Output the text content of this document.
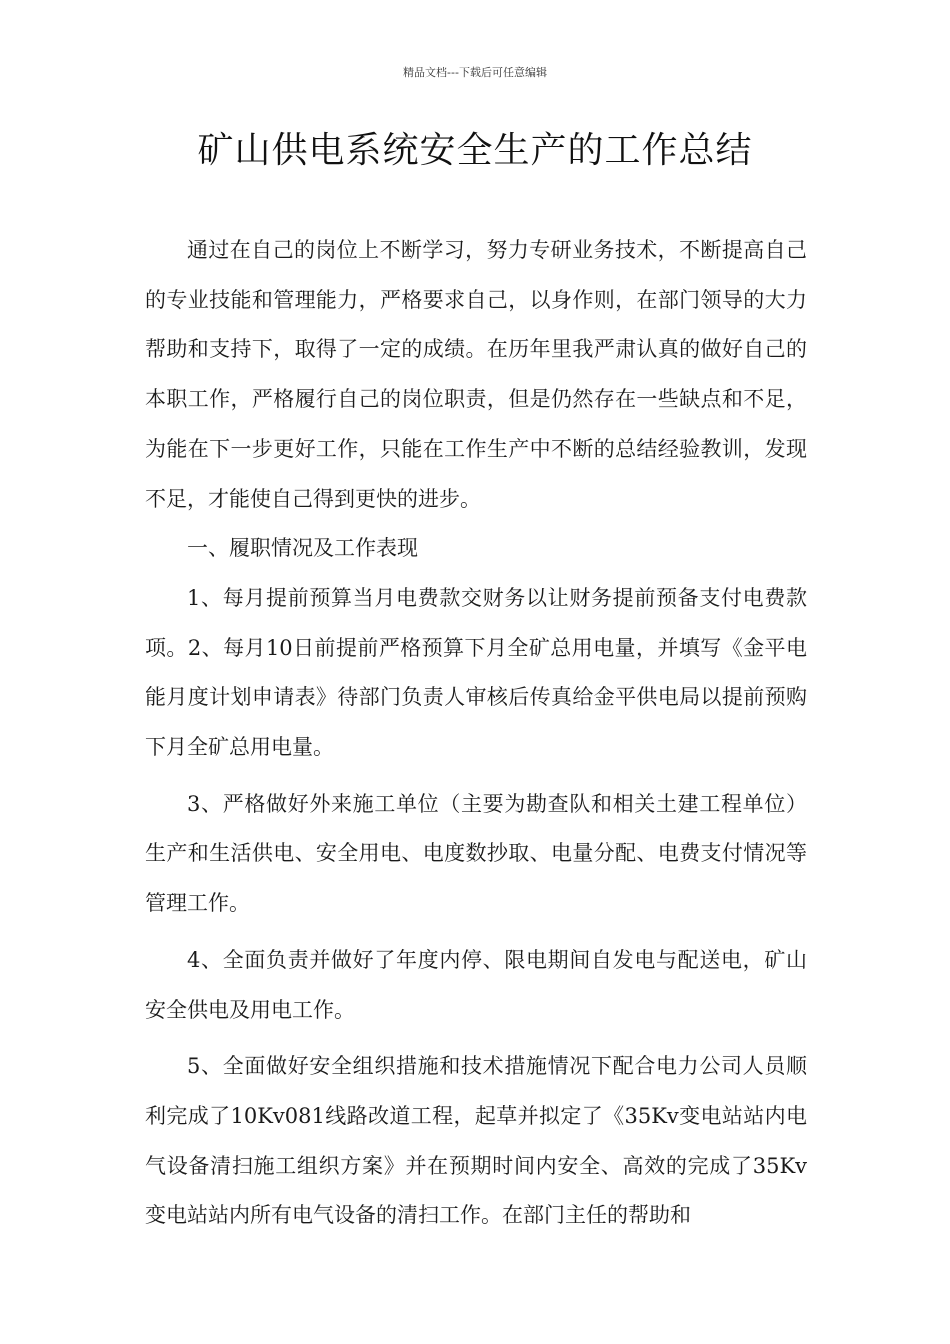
精品文档---下载后可任意编辑
矿山供电系统安全生产的工作总结

通过在自己的岗位上不断学习，努力专研业务技术，不断提高自己的专业技能和管理能力，严格要求自己，以身作则，在部门领导的大力帮助和支持下，取得了一定的成绩。在历年里我严肃认真的做好自己的本职工作，严格履行自己的岗位职责，但是仍然存在一些缺点和不足，为能在下一步更好工作，只能在工作生产中不断的总结经验教训，发现不足，才能使自己得到更快的进步。

一、履职情况及工作表现

1、每月提前预算当月电费款交财务以让财务提前预备支付电费款项。2、每月10日前提前严格预算下月全矿总用电量，并填写《金平电能月度计划申请表》待部门负责人审核后传真给金平供电局以提前预购下月全矿总用电量。

3、严格做好外来施工单位（主要为勘查队和相关土建工程单位）生产和生活供电、安全用电、电度数抄取、电量分配、电费支付情况等管理工作。

4、全面负责并做好了年度内停、限电期间自发电与配送电，矿山安全供电及用电工作。

5、全面做好安全组织措施和技术措施情况下配合电力公司人员顺利完成了10Kv081线路改道工程，起草并拟定了《35Kv变电站站内电气设备清扫施工组织方案》并在预期时间内安全、高效的完成了35Kv变电站站内所有电气设备的清扫工作。在部门主任的帮助和
